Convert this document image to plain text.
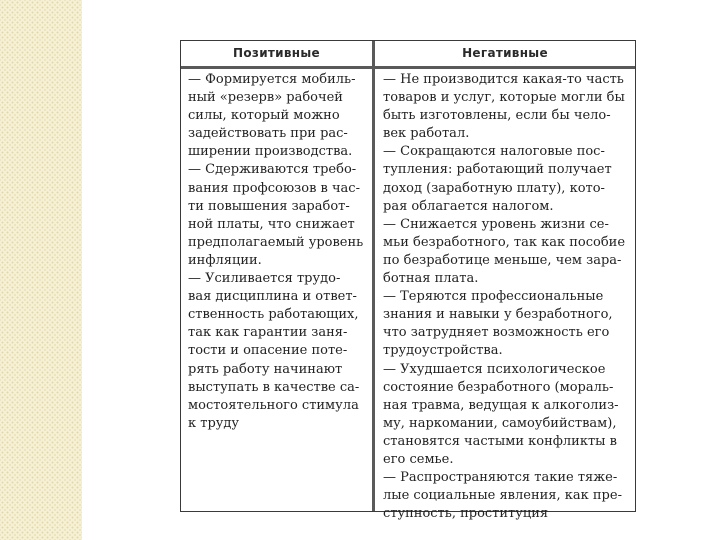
Позитивные	Негативные
— Формируется мобиль-
ный «резерв» рабочей
силы, который можно
задействовать при рас-
ширении производства.
— Сдерживаются требо-
вания профсоюзов в час-
ти повышения заработ-
ной платы, что снижает
предполагаемый уровень
инфляции.
— Усиливается трудо-
вая дисциплина и ответ-
ственность работающих,
так как гарантии заня-
тости и опасение поте-
рять работу начинают
выступать в качестве са-
мостоятельного стимула
к труду
— Не производится какая-то часть
товаров и услуг, которые могли бы
быть изготовлены, если бы чело-
век работал.
— Сокращаются налоговые пос-
тупления: работающий получает
доход (заработную плату), кото-
рая облагается налогом.
— Снижается уровень жизни се-
мьи безработного, так как пособие
по безработице меньше, чем зара-
ботная плата.
— Теряются профессиональные
знания и навыки у безработного,
что затрудняет возможность его
трудоустройства.
— Ухудшается психологическое
состояние безработного (мораль-
ная травма, ведущая к алкоголиз-
му, наркомании, самоубийствам),
становятся частыми конфликты в
его семье.
— Распространяются такие тяже-
лые социальные явления, как пре-
ступность, проституция
